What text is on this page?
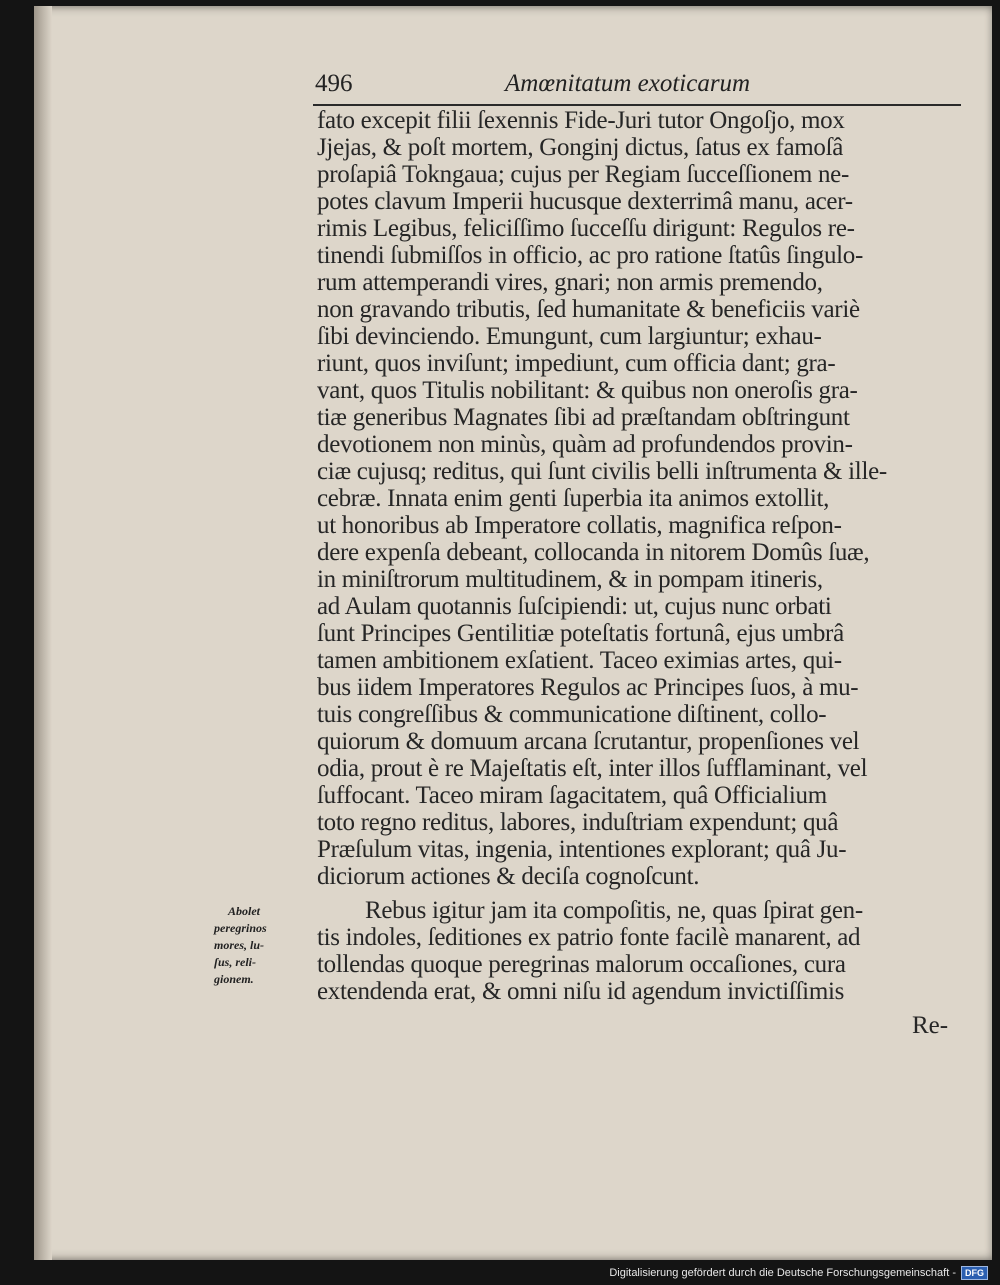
496	Amœnitatum exoticarum
fato excepit filii ſexennis Fide-Juri tutor Ongoſjo, mox
Jjejas, & poſt mortem, Gonginj dictus, ſatus ex famoſâ
proſapiâ Tokngaua; cujus per Regiam ſucceſſionem ne-
potes clavum Imperii hucusque dexterrimâ manu, acer-
rimis Legibus, feliciſſimo ſucceſſu dirigunt: Regulos re-
tinendi ſubmiſſos in officio, ac pro ratione ſtatûs ſingulo-
rum attemperandi vires, gnari; non armis premendo,
non gravando tributis, ſed humanitate & beneficiis variè
ſibi devinciendo. Emungunt, cum largiuntur; exhau-
riunt, quos inviſunt; impediunt, cum officia dant; gra-
vant, quos Titulis nobilitant: & quibus non oneroſis gra-
tiæ generibus Magnates ſibi ad præſtandam obſtringunt
devotionem non minùs, quàm ad profundendos provin-
ciæ cujusq; reditus, qui ſunt civilis belli inſtrumenta & ille-
cebræ. Innata enim genti ſuperbia ita animos extollit,
ut honoribus ab Imperatore collatis, magnifica reſpon-
dere expenſa debeant, collocanda in nitorem Domûs ſuæ,
in miniſtrorum multitudinem, & in pompam itineris,
ad Aulam quotannis ſuſcipiendi: ut, cujus nunc orbati
ſunt Principes Gentilitiæ poteſtatis fortunâ, ejus umbrâ
tamen ambitionem exſatient. Taceo eximias artes, qui-
bus iidem Imperatores Regulos ac Principes ſuos, à mu-
tuis congreſſibus & communicatione diſtinent, collo-
quiorum & domuum arcana ſcrutantur, propenſiones vel
odia, prout è re Majeſtatis eſt, inter illos ſufflaminant, vel
ſuffocant. Taceo miram ſagacitatem, quâ Officialium
toto regno reditus, labores, induſtriam expendunt; quâ
Præſulum vitas, ingenia, intentiones explorant; quâ Ju-
diciorum actiones & deciſa cognoſcunt.
Rebus igitur jam ita compoſitis, ne, quas ſpirat gen-
tis indoles, ſeditiones ex patrio fonte facilè manarent, ad
tollendas quoque peregrinas malorum occaſiones, cura
extendenda erat, & omni niſu id agendum invictiſſimis
Re-
Abolet
peregrinos
mores, lu-
ſus, reli-
gionem.
Digitalisierung gefördert durch die Deutsche Forschungsgemeinschaft -	DFG
